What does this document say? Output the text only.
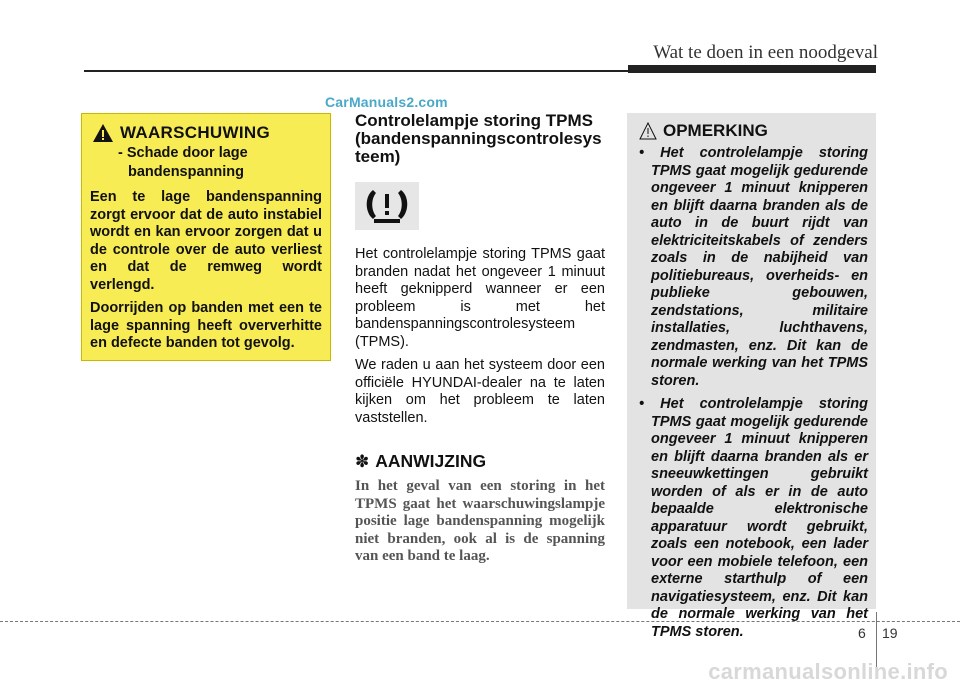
Wat te doen in een noodgeval
CarManuals2.com
WAARSCHUWING
- Schade door lage
bandenspanning

Een te lage bandenspanning zorgt ervoor dat de auto instabiel wordt en kan ervoor zorgen dat u de controle over de auto verliest en dat de remweg wordt verlengd.

Doorrijden op banden met een te lage spanning heeft oververhitte en defecte banden tot gevolg.

Controlelampje storing TPMS (bandenspanningscontrolesys teem)

Het controlelampje storing TPMS gaat branden nadat het ongeveer 1 minuut heeft geknipperd wanneer er een probleem is met het bandenspanningscontrolesysteem (TPMS).

We raden u aan het systeem door een officiële HYUNDAI-dealer na te laten kijken om het probleem te laten vaststellen.

✽ AANWIJZING
In het geval van een storing in het TPMS gaat het waarschuwingslampje positie lage bandenspanning mogelijk niet branden, ook al is de spanning van een band te laag.
OPMERKING
• Het controlelampje storing TPMS gaat mogelijk gedurende ongeveer 1 minuut knipperen en blijft daarna branden als de auto in de buurt rijdt van elektriciteitskabels of zenders zoals in de nabijheid van politiebureaus, overheids- en publieke gebouwen, zendstations, militaire installaties, luchthavens, zendmasten, enz. Dit kan de normale werking van het TPMS storen.
• Het controlelampje storing TPMS gaat mogelijk gedurende ongeveer 1 minuut knipperen en blijft daarna branden als er sneeuwkettingen gebruikt worden of als er in de auto bepaalde elektronische apparatuur wordt gebruikt, zoals een notebook, een lader voor een mobiele telefoon, een externe starthulp of een navigatiesysteem, enz. Dit kan de normale werking van het TPMS storen.	6 19
carmanualsonline.info
